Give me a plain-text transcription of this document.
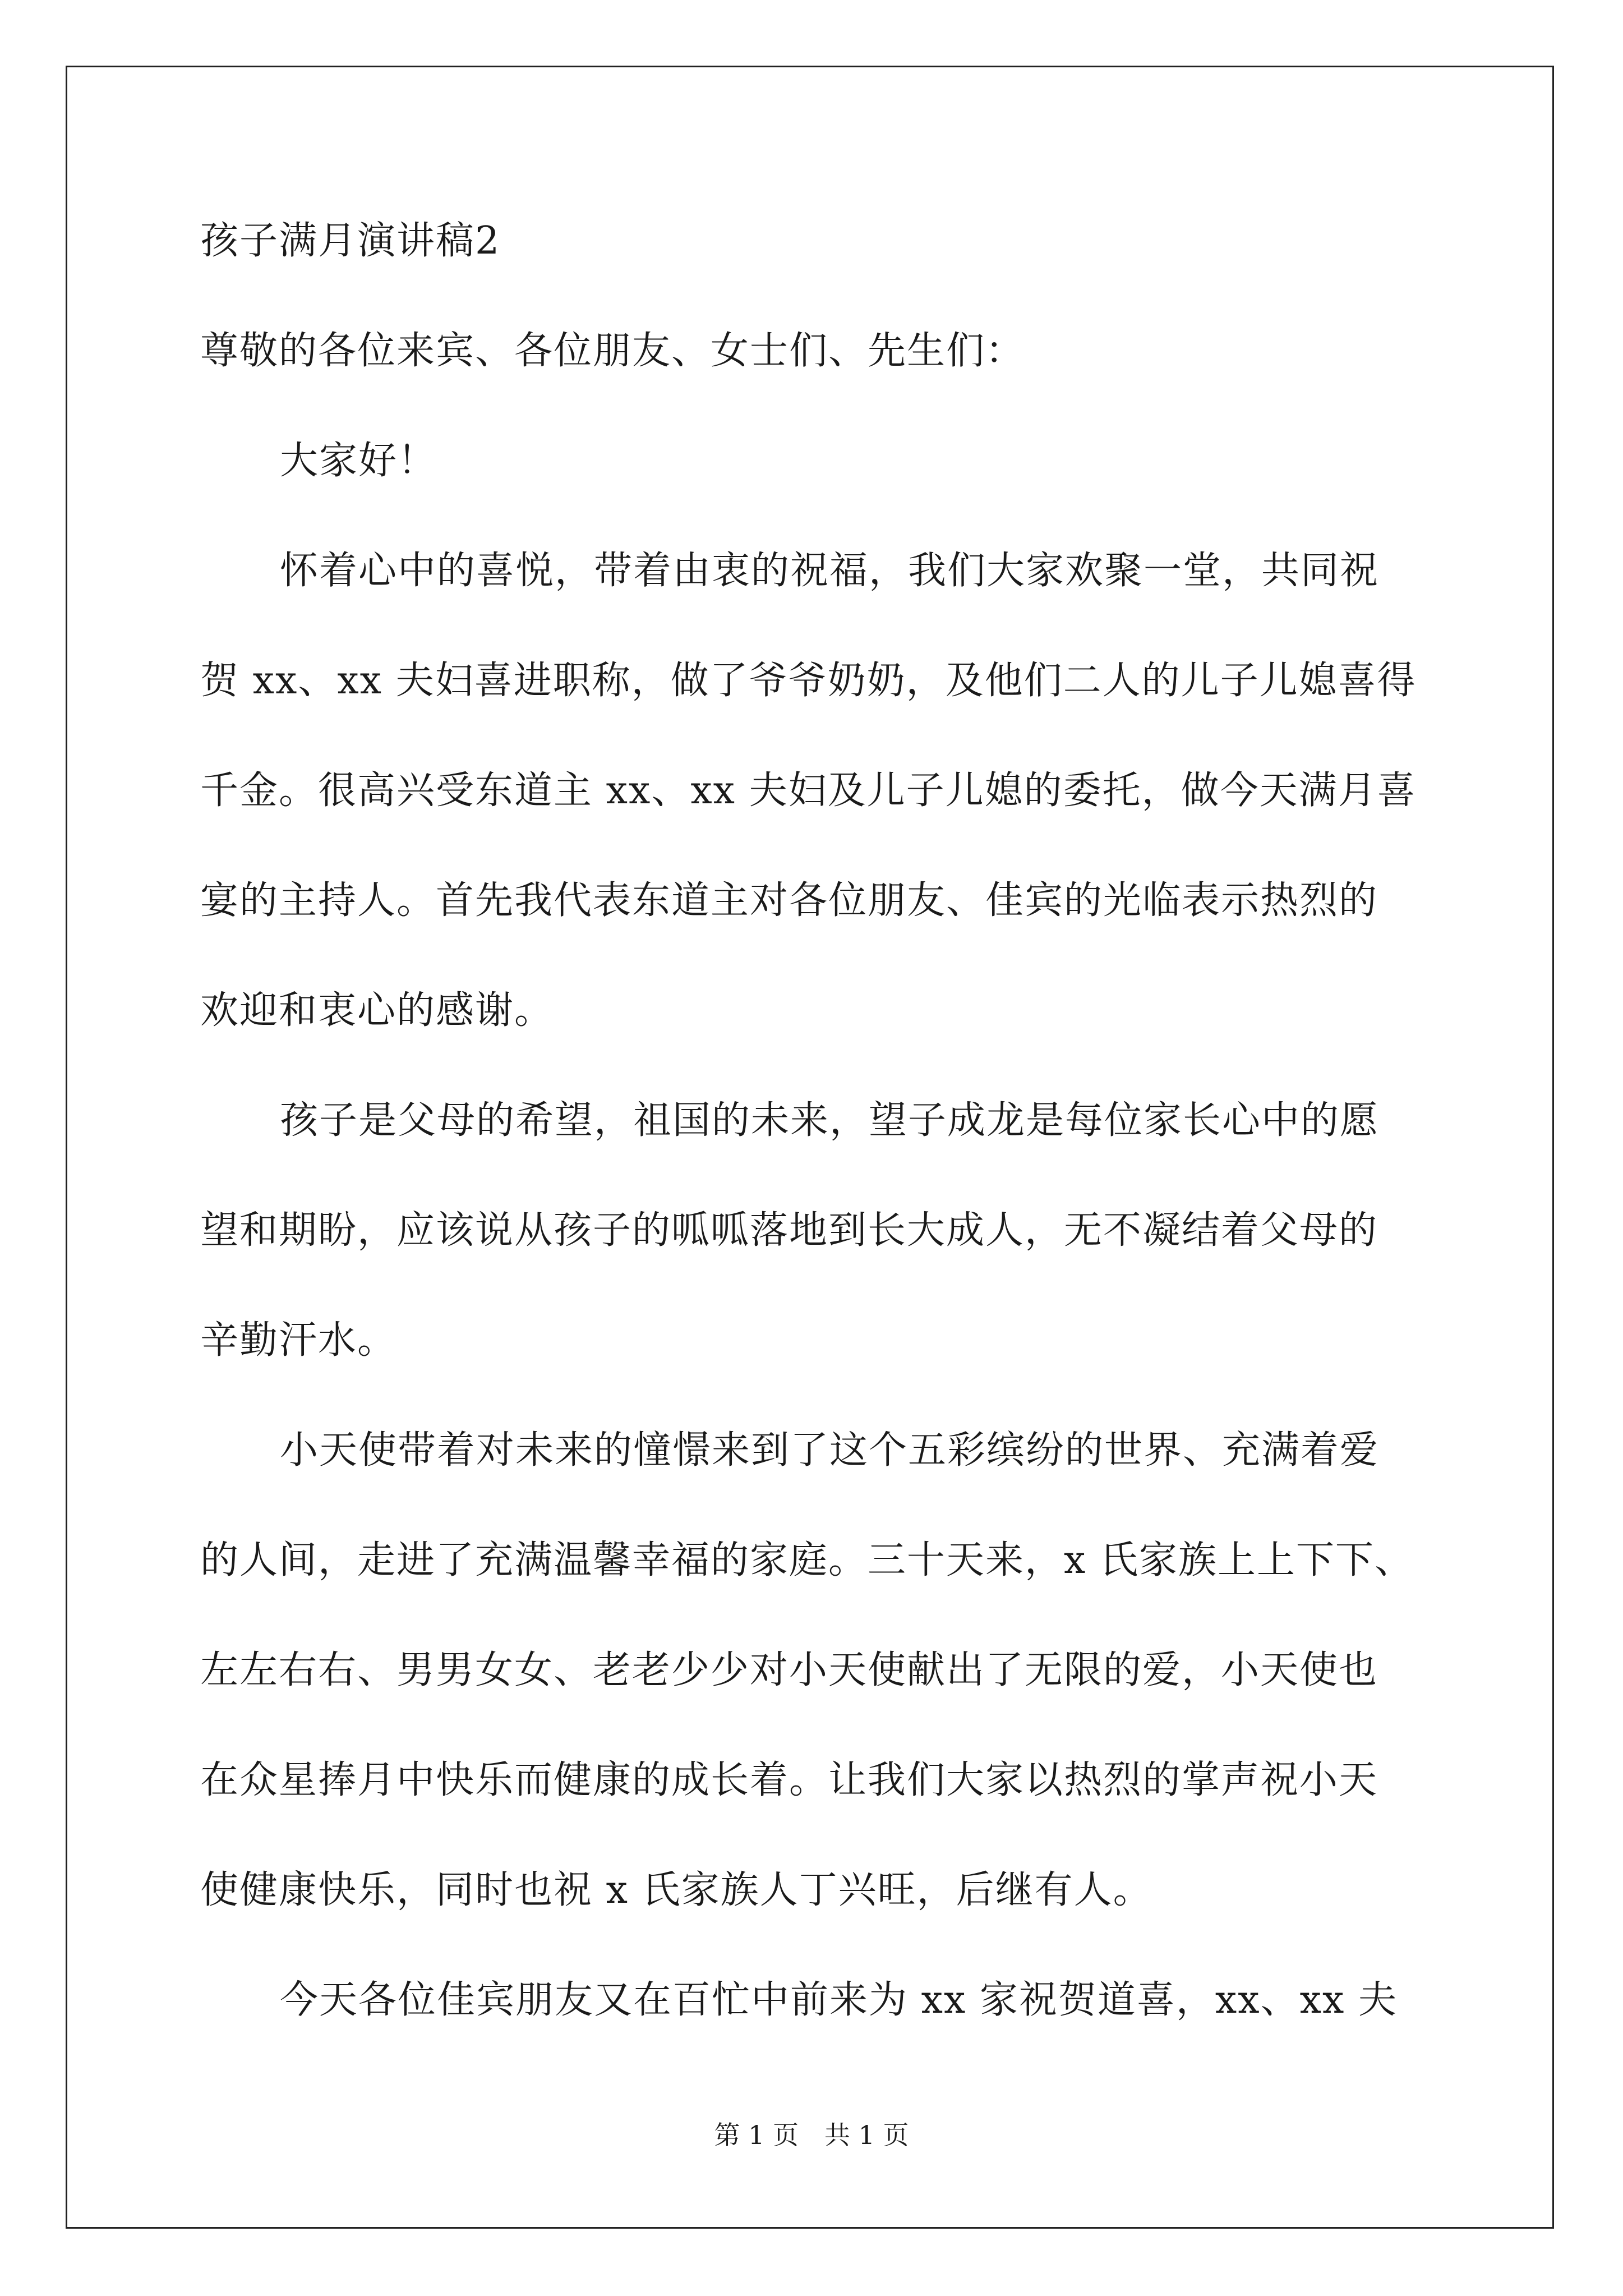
孩子满月演讲稿2
尊敬的各位来宾、各位朋友、女士们、先生们：
大家好！
怀着心中的喜悦，带着由衷的祝福，我们大家欢聚一堂，共同祝
贺 xx、xx 夫妇喜进职称，做了爷爷奶奶，及他们二人的儿子儿媳喜得
千金。很高兴受东道主 xx、xx 夫妇及儿子儿媳的委托，做今天满月喜
宴的主持人。首先我代表东道主对各位朋友、佳宾的光临表示热烈的
欢迎和衷心的感谢。
孩子是父母的希望，祖国的未来，望子成龙是每位家长心中的愿
望和期盼，应该说从孩子的呱呱落地到长大成人，无不凝结着父母的
辛勤汗水。
小天使带着对未来的憧憬来到了这个五彩缤纷的世界、充满着爱
的人间，走进了充满温馨幸福的家庭。三十天来，x 氏家族上上下下、
左左右右、男男女女、老老少少对小天使献出了无限的爱，小天使也
在众星捧月中快乐而健康的成长着。让我们大家以热烈的掌声祝小天
使健康快乐，同时也祝 x 氏家族人丁兴旺，后继有人。
今天各位佳宾朋友又在百忙中前来为 xx 家祝贺道喜，xx、xx 夫
第 1 页　共 1 页
